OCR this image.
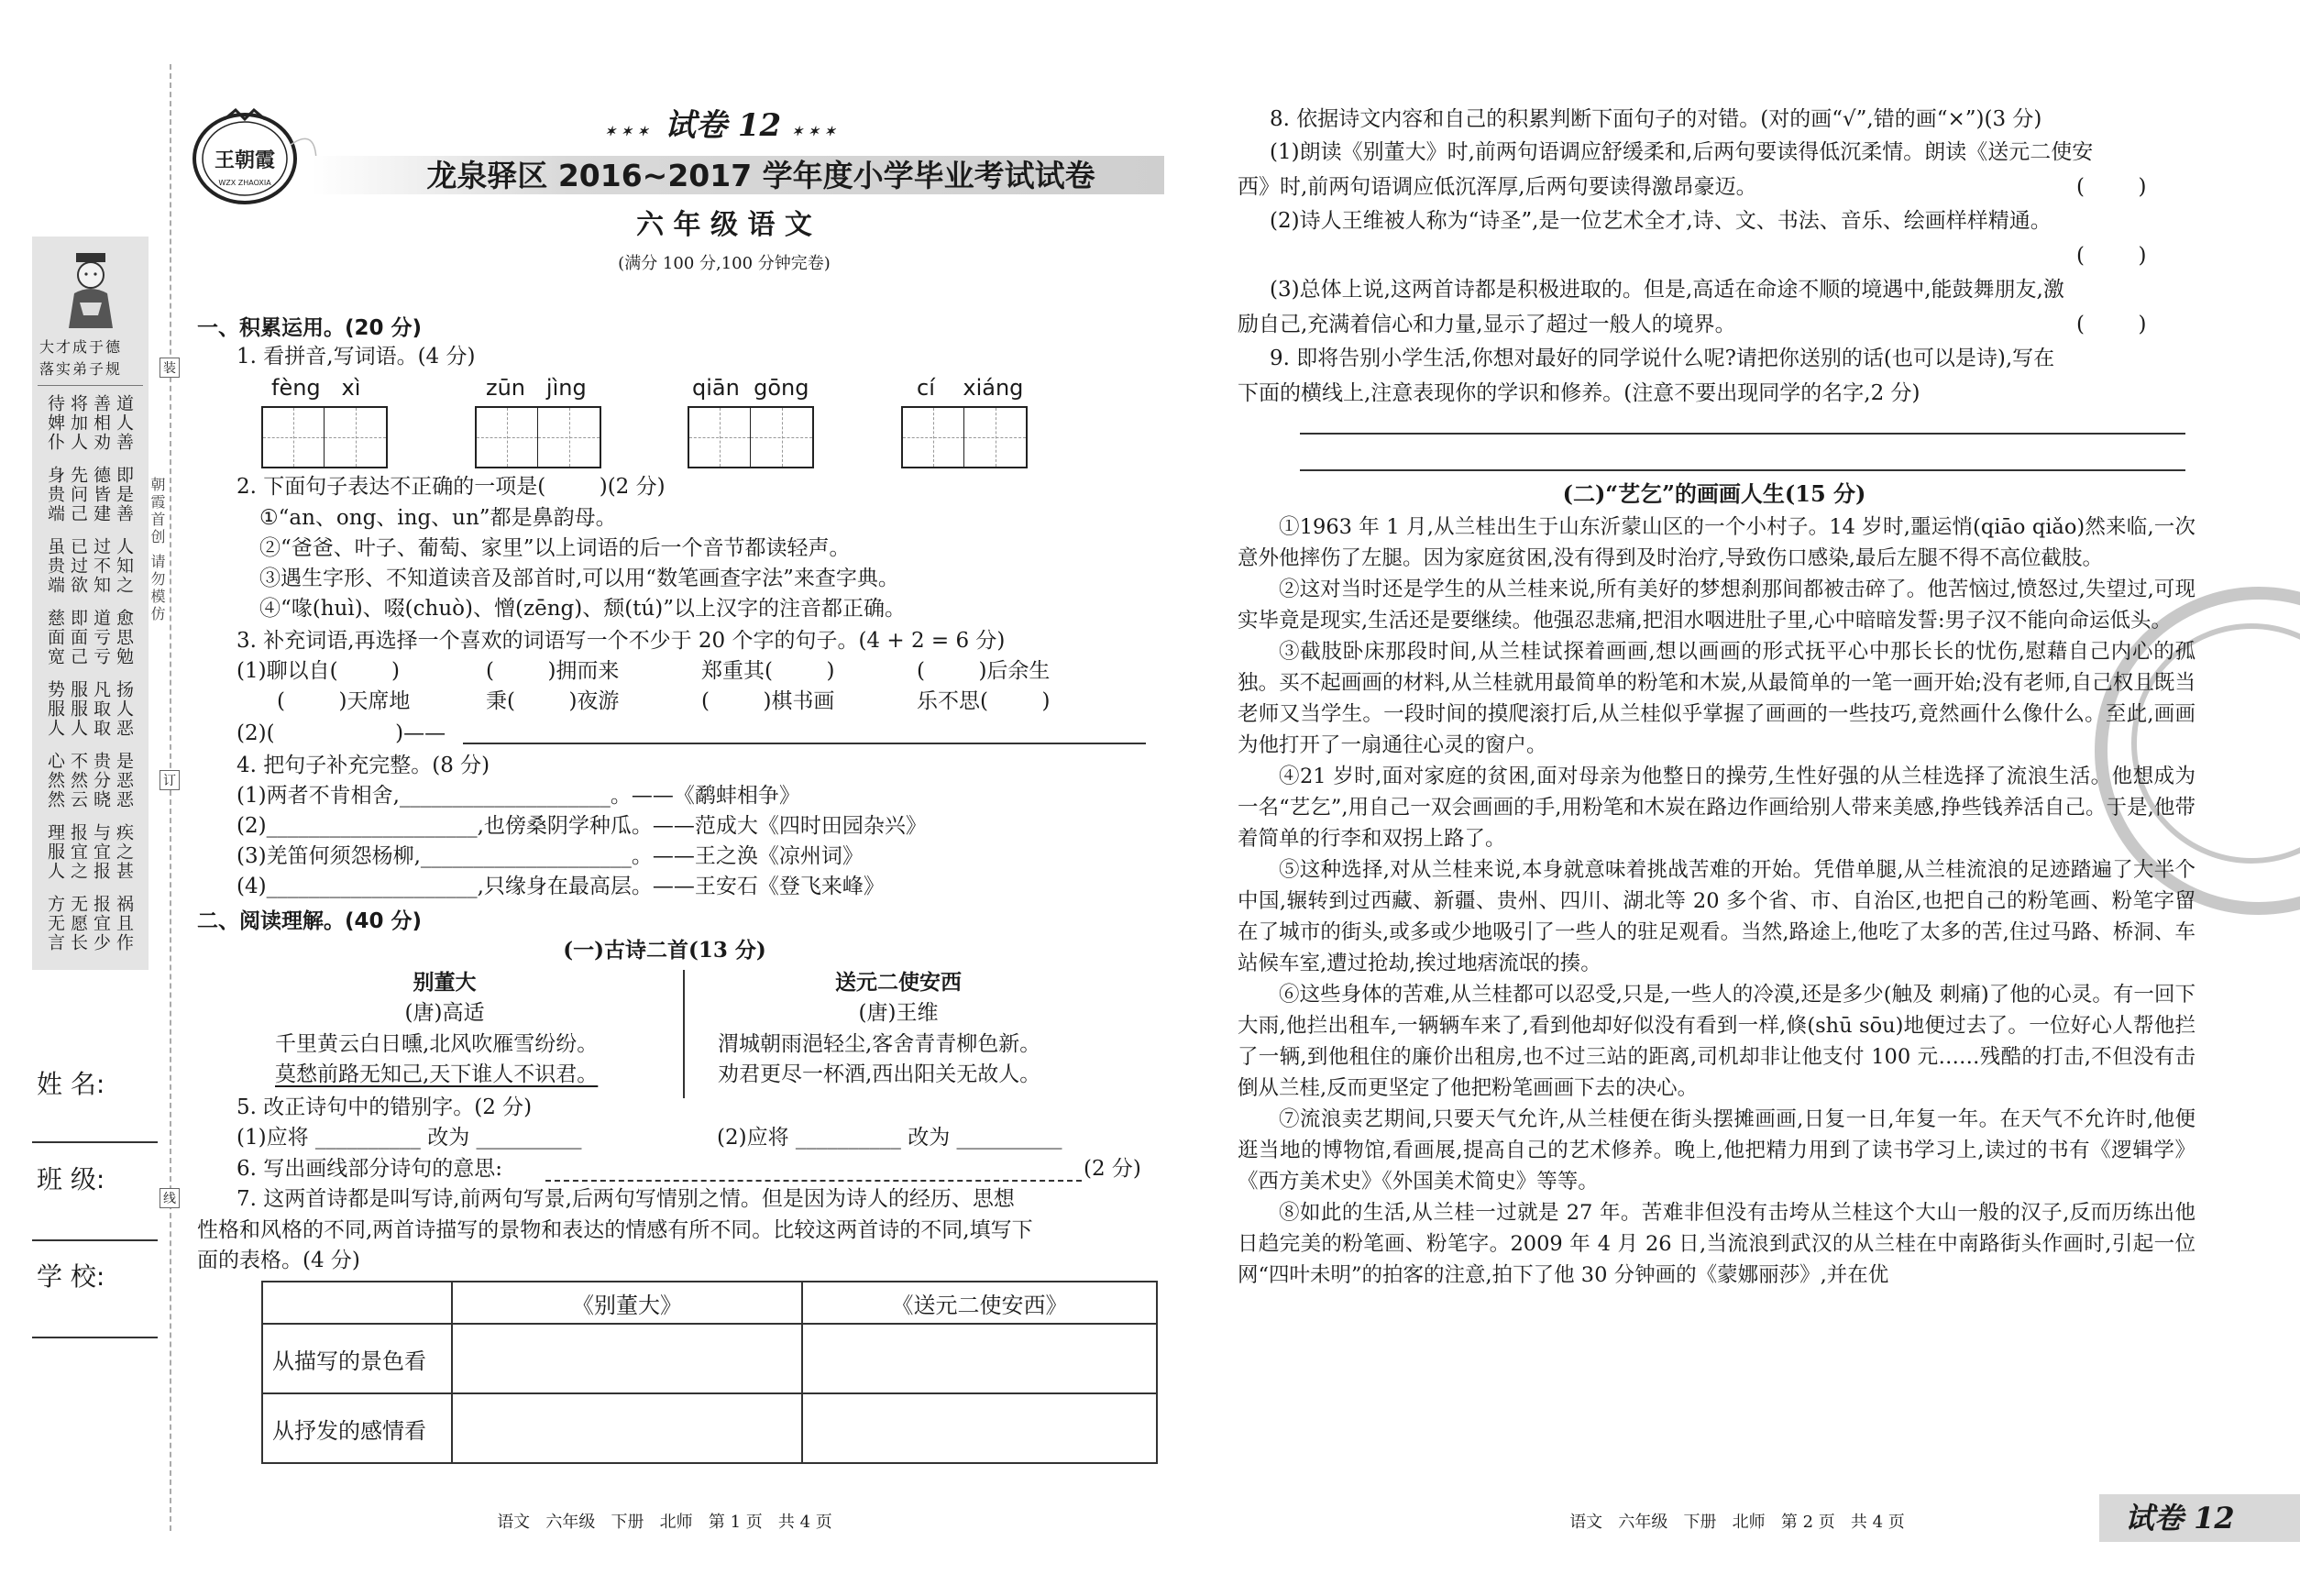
装
订
线
朝霞首创 请勿模仿
大才成于德
落实弟子规
待婢仆 将加人 善相劝 道人善
身贵端 先问己 德皆建 即是善
虽贵端 已过欲 过不知 人知之
慈面宽 即面己 道亏亏 愈思勉
势服人 服服人 凡取取 扬人恶
心然然 不然云 贵分晓 是恶恶
理服人 报宜之 与宜报 疾之甚
方无言 无愿长 报宜少 祸且作
姓 名:
班 级:
学 校:
王朝霞
WZX ZHAOXIA
✶✶✶ 试卷 12 ✶✶✶
龙泉驿区 2016~2017 学年度小学毕业考试试卷
六 年 级 语 文
(满分 100 分,100 分钟完卷)
一、积累运用。(20 分)
1. 看拼音,写词语。(4 分)
fèng   xì	zūn   jìng	qiān  gōng	cí    xiáng
2. 下面句子表达不正确的一项是(        )(2 分)
①“an、ong、ing、un”都是鼻韵母。
②“爸爸、叶子、葡萄、家里”以上词语的后一个音节都读轻声。
③遇生字形、不知道读音及部首时,可以用“数笔画查字法”来查字典。
④“喙(huì)、啜(chuò)、憎(zēng)、颓(tú)”以上汉字的注音都正确。
3. 补充词语,再选择一个喜欢的词语写一个不少于 20 个字的句子。(4 + 2 = 6 分)
(1)聊以自(        )	(        )拥而来	郑重其(        )	(        )后余生
(        )天席地	秉(        )夜游	(        )棋书画	乐不思(        )
(2)(                  )——
4. 把句子补充完整。(8 分)
(1)两者不肯相舍,____________________。——《鹬蚌相争》
(2)____________________,也傍桑阴学种瓜。——范成大《四时田园杂兴》
(3)羌笛何须怨杨柳,____________________。——王之涣《凉州词》
(4)____________________,只缘身在最高层。——王安石《登飞来峰》
二、阅读理解。(40 分)
(一)古诗二首(13 分)
别董大
(唐)高适
千里黄云白日曛,北风吹雁雪纷纷。
莫愁前路无知己,天下谁人不识君。
送元二使安西
(唐)王维
渭城朝雨浥轻尘,客舍青青柳色新。
劝君更尽一杯酒,西出阳关无故人。
5. 改正诗句中的错别字。(2 分)
(1)应将 __________ 改为 __________	(2)应将 __________ 改为 __________
6. 写出画线部分诗句的意思:	(2 分)
7. 这两首诗都是叫写诗,前两句写景,后两句写情别之情。但是因为诗人的经历、思想
性格和风格的不同,两首诗描写的景物和表达的情感有所不同。比较这两首诗的不同,填写下
面的表格。(4 分)
	《别董大》	《送元二使安西》
从描写的景色看		
从抒发的感情看		
语文   六年级   下册   北师   第 1 页   共 4 页
8. 依据诗文内容和自己的积累判断下面句子的对错。(对的画“√”,错的画“×”)(3 分)
(1)朗读《别董大》时,前两句语调应舒缓柔和,后两句要读得低沉柔情。朗读《送元二使安
西》时,前两句语调应低沉浑厚,后两句要读得激昂豪迈。	(        )
(2)诗人王维被人称为“诗圣”,是一位艺术全才,诗、文、书法、音乐、绘画样样精通。
(        )
(3)总体上说,这两首诗都是积极进取的。但是,高适在命途不顺的境遇中,能鼓舞朋友,激
励自己,充满着信心和力量,显示了超过一般人的境界。	(        )
9. 即将告别小学生活,你想对最好的同学说什么呢?请把你送别的话(也可以是诗),写在
下面的横线上,注意表现你的学识和修养。(注意不要出现同学的名字,2 分)
(二)“艺乞”的画画人生(15 分)

①1963 年 1 月,从兰桂出生于山东沂蒙山区的一个小村子。14 岁时,噩运悄(qiāo qiǎo)然来临,一次意外他摔伤了左腿。因为家庭贫困,没有得到及时治疗,导致伤口感染,最后左腿不得不高位截肢。

②这对当时还是学生的从兰桂来说,所有美好的梦想刹那间都被击碎了。他苦恼过,愤怒过,失望过,可现实毕竟是现实,生活还是要继续。他强忍悲痛,把泪水咽进肚子里,心中暗暗发誓:男子汉不能向命运低头。

③截肢卧床那段时间,从兰桂试探着画画,想以画画的形式抚平心中那长长的忧伤,慰藉自己内心的孤独。买不起画画的材料,从兰桂就用最简单的粉笔和木炭,从最简单的一笔一画开始;没有老师,自己权且既当老师又当学生。一段时间的摸爬滚打后,从兰桂似乎掌握了画画的一些技巧,竟然画什么像什么。至此,画画为他打开了一扇通往心灵的窗户。

④21 岁时,面对家庭的贫困,面对母亲为他整日的操劳,生性好强的从兰桂选择了流浪生活。他想成为一名“艺乞”,用自己一双会画画的手,用粉笔和木炭在路边作画给别人带来美感,挣些钱养活自己。于是,他带着简单的行李和双拐上路了。

⑤这种选择,对从兰桂来说,本身就意味着挑战苦难的开始。凭借单腿,从兰桂流浪的足迹踏遍了大半个中国,辗转到过西藏、新疆、贵州、四川、湖北等 20 多个省、市、自治区,也把自己的粉笔画、粉笔字留在了城市的街头,或多或少地吸引了一些人的驻足观看。当然,路途上,他吃了太多的苦,住过马路、桥洞、车站候车室,遭过抢劫,挨过地痞流氓的揍。

⑥这些身体的苦难,从兰桂都可以忍受,只是,一些人的冷漠,还是多少(触及 刺痛)了他的心灵。有一回下大雨,他拦出租车,一辆辆车来了,看到他却好似没有看到一样,倏(shū sōu)地便过去了。一位好心人帮他拦了一辆,到他租住的廉价出租房,也不过三站的距离,司机却非让他支付 100 元……残酷的打击,不但没有击倒从兰桂,反而更坚定了他把粉笔画画下去的决心。

⑦流浪卖艺期间,只要天气允许,从兰桂便在街头摆摊画画,日复一日,年复一年。在天气不允许时,他便逛当地的博物馆,看画展,提高自己的艺术修养。晚上,他把精力用到了读书学习上,读过的书有《逻辑学》《西方美术史》《外国美术简史》等等。

⑧如此的生活,从兰桂一过就是 27 年。苦难非但没有击垮从兰桂这个大山一般的汉子,反而历练出他日趋完美的粉笔画、粉笔字。2009 年 4 月 26 日,当流浪到武汉的从兰桂在中南路街头作画时,引起一位网“四叶未明”的拍客的注意,拍下了他 30 分钟画的《蒙娜丽莎》,并在优

语文   六年级   下册   北师   第 2 页   共 4 页	试卷 12
